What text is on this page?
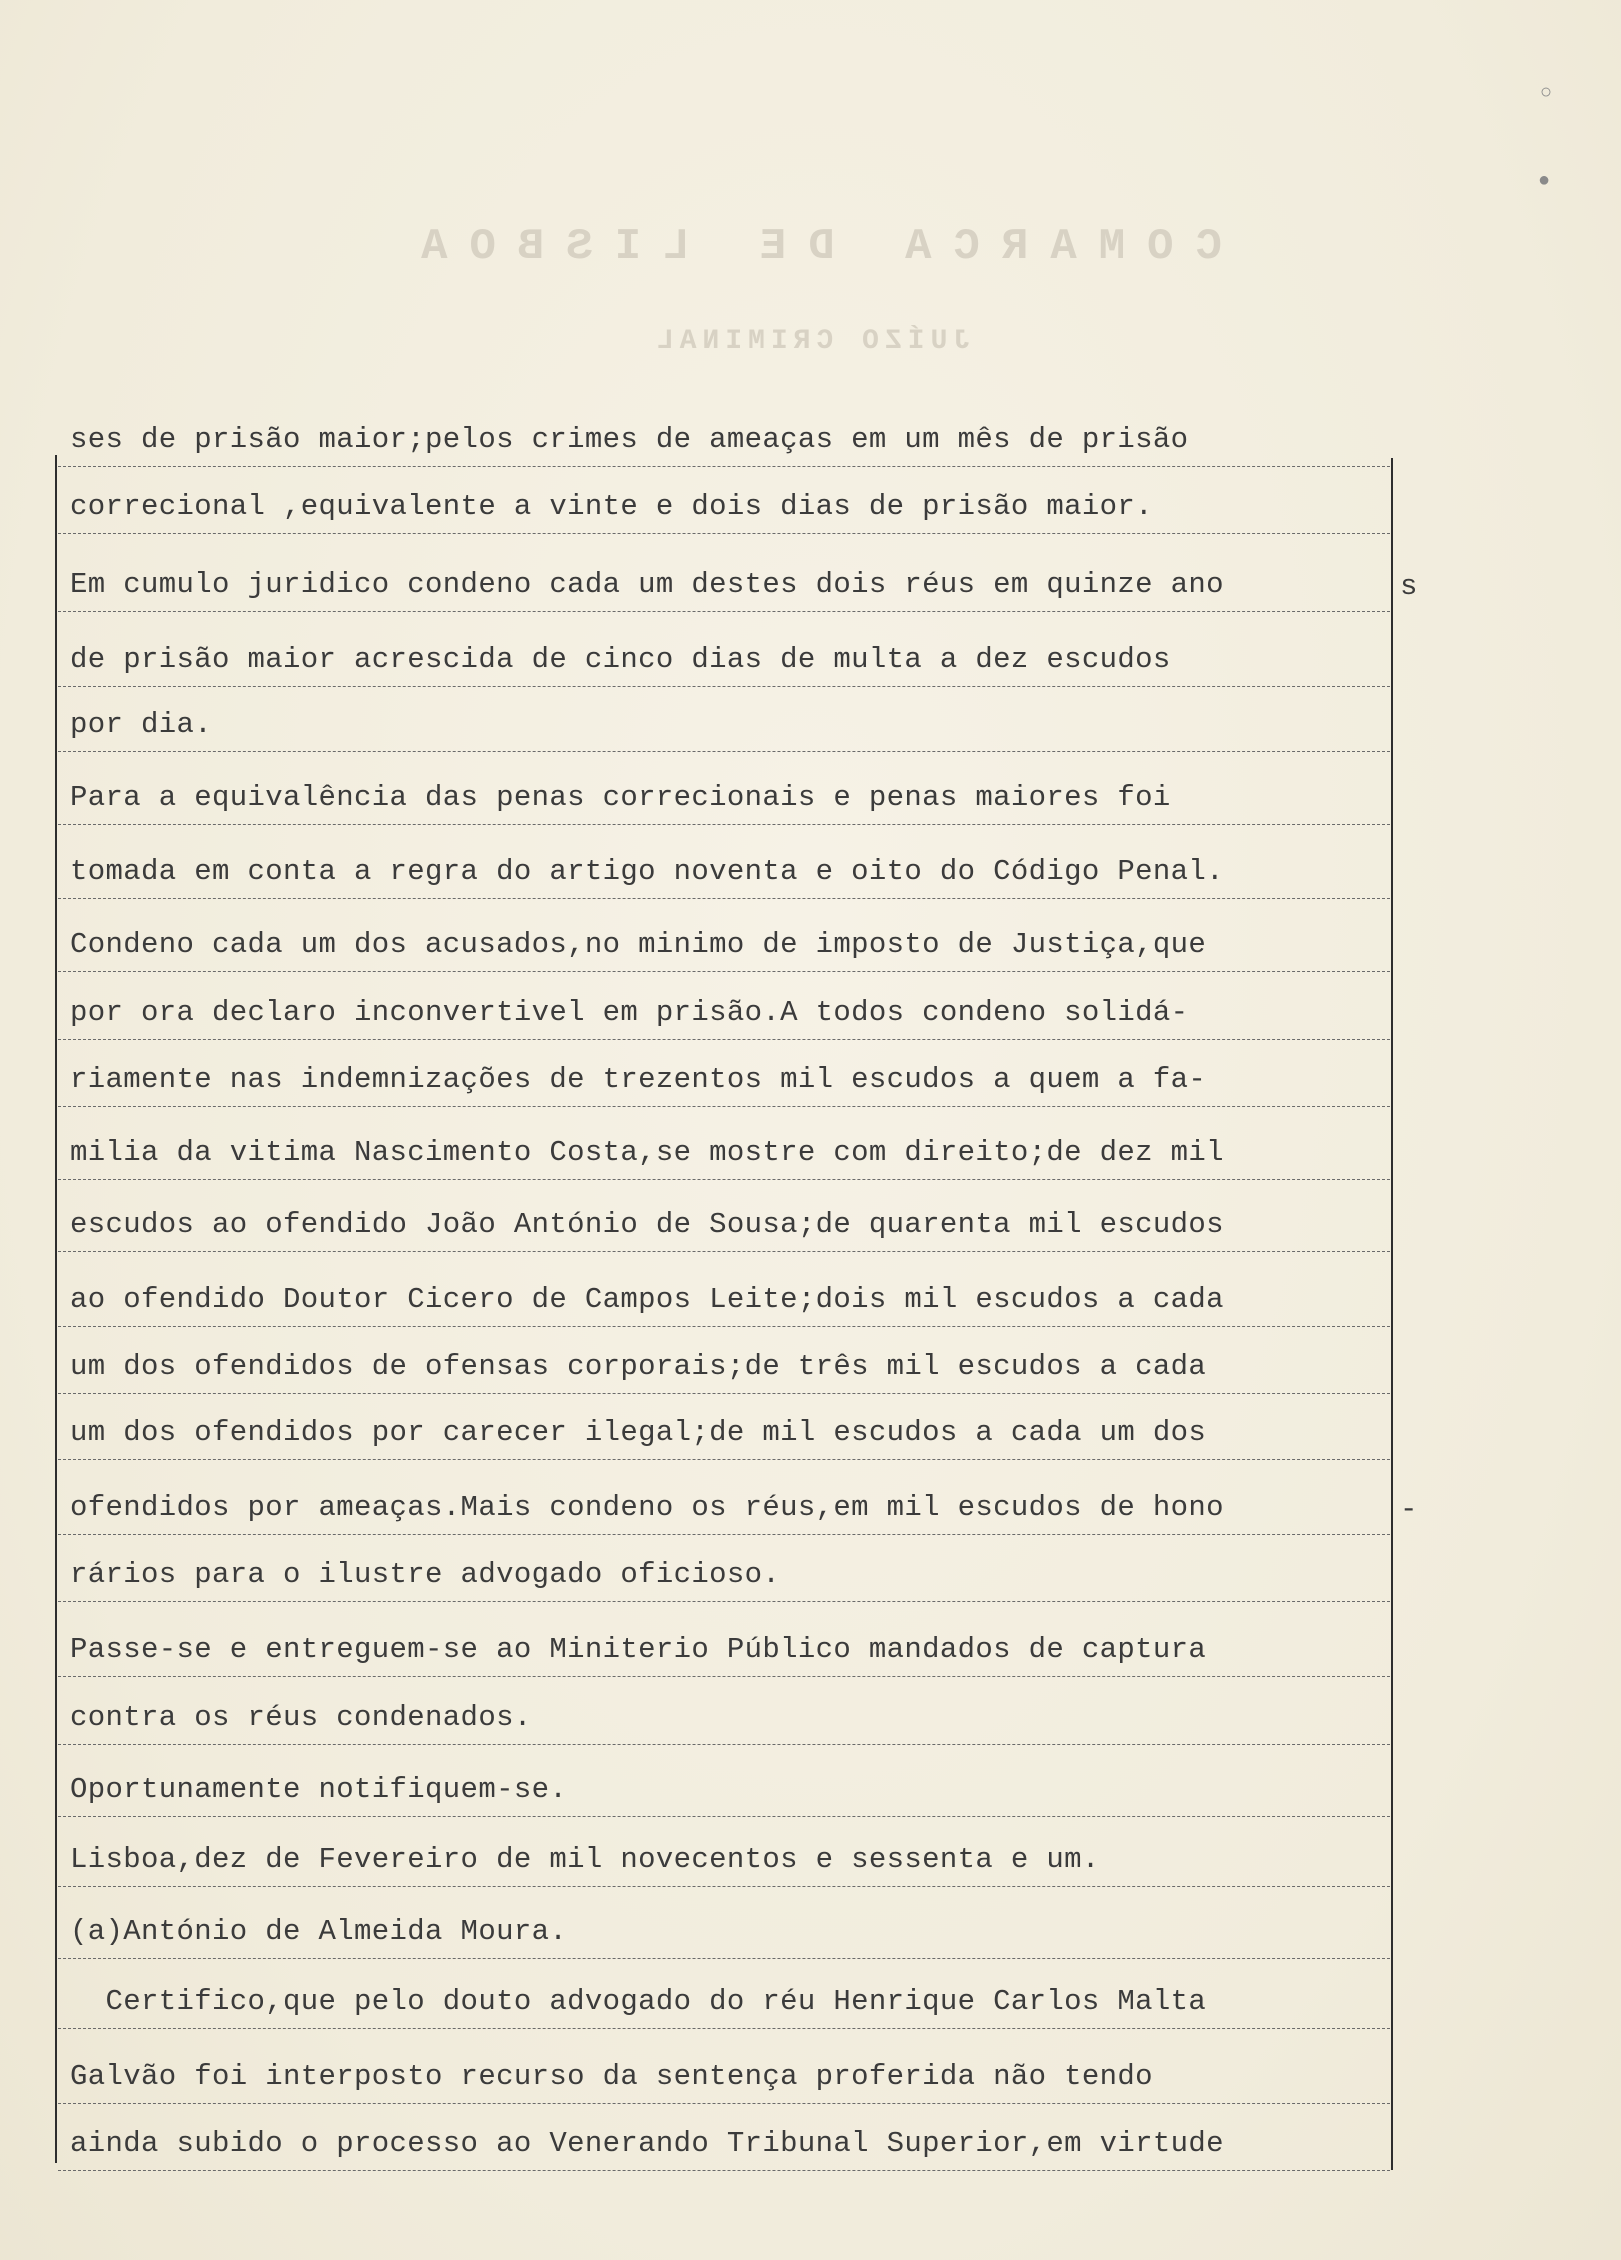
COMARCA DE LISBOA
JUÍZO CRIMINAL
ses de prisão maior;pelos crimes de ameaças em um mês de prisão
correcional ,equivalente a vinte e dois dias de prisão maior.
Em cumulo juridico condeno cada um destes dois réus em quinze ano
de prisão maior acrescida de cinco dias de multa a dez escudos
por dia.
Para a equivalência das penas correcionais e penas maiores foi
tomada em conta a regra do artigo noventa e oito do Código Penal.
Condeno cada um dos acusados,no minimo de imposto de Justiça,que
por ora declaro inconvertivel em prisão.A todos condeno solidá-
riamente nas indemnizações de trezentos mil escudos a quem a fa-
milia da vitima Nascimento Costa,se mostre com direito;de dez mil
escudos ao ofendido João António de Sousa;de quarenta mil escudos
ao ofendido Doutor Cicero de Campos Leite;dois mil escudos a cada
um dos ofendidos de ofensas corporais;de três mil escudos a cada
um dos ofendidos por carecer ilegal;de mil escudos a cada um dos
ofendidos por ameaças.Mais condeno os réus,em mil escudos de hono
rários para o ilustre advogado oficioso.
Passe-se e entreguem-se ao Miniterio Público mandados de captura
contra os réus condenados.
Oportunamente notifiquem-se.
Lisboa,dez de Fevereiro de mil novecentos e sessenta e um.
(a)António de Almeida Moura.
Certifico,que pelo douto advogado do réu Henrique Carlos Malta
Galvão foi interposto recurso da sentença proferida não tendo
ainda subido o processo ao Venerando Tribunal Superior,em virtude
s
-
○
●
